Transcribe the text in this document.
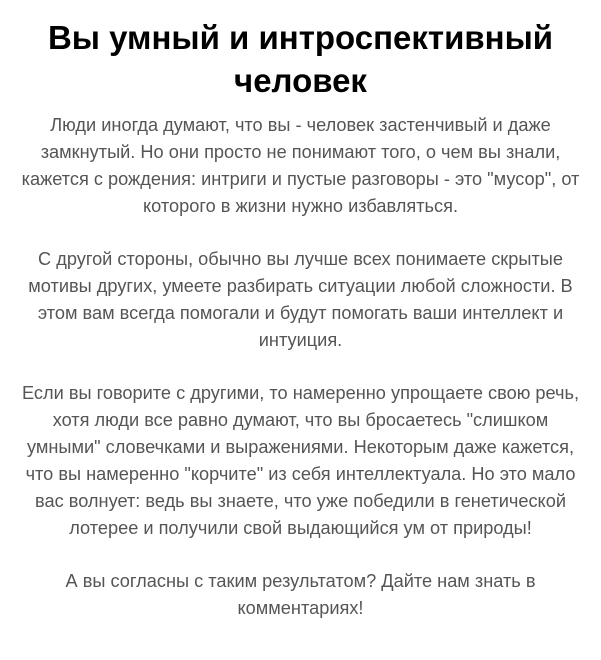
Вы умный и интроспективный
человек

Люди иногда думают, что вы - человек застенчивый и даже замкнутый. Но они просто не понимают того, о чем вы знали, кажется с рождения: интриги и пустые разговоры - это "мусор", от которого в жизни нужно избавляться.

С другой стороны, обычно вы лучше всех понимаете скрытые мотивы других, умеете разбирать ситуации любой сложности. В этом вам всегда помогали и будут помогать ваши интеллект и интуиция.

Если вы говорите с другими, то намеренно упрощаете свою речь, хотя люди все равно думают, что вы бросаетесь "слишком умными" словечками и выражениями. Некоторым даже кажется, что вы намеренно "корчите" из себя интеллектуала. Но это мало вас волнует: ведь вы знаете, что уже победили в генетической лотерее и получили свой выдающийся ум от природы!

А вы согласны с таким результатом? Дайте нам знать в комментариях!
